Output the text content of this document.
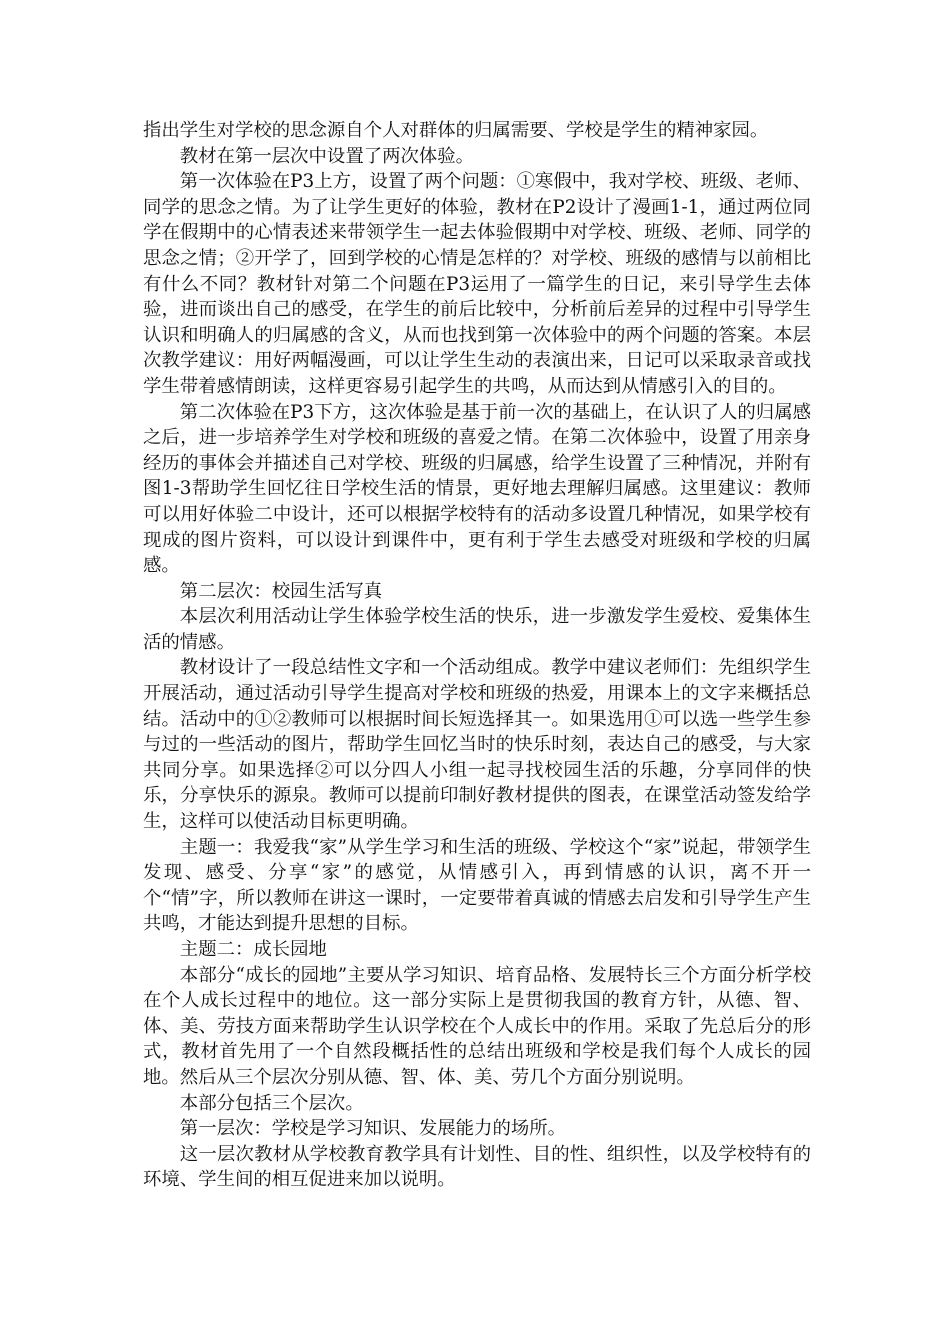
指出学生对学校的思念源自个人对群体的归属需要、学校是学生的精神家园。

教材在第一层次中设置了两次体验。

第一次体验在P3上方，设置了两个问题：①寒假中，我对学校、班级、老师、同学的思念之情。为了让学生更好的体验，教材在P2设计了漫画1-1，通过两位同学在假期中的心情表述来带领学生一起去体验假期中对学校、班级、老师、同学的思念之情；②开学了，回到学校的心情是怎样的？对学校、班级的感情与以前相比有什么不同？教材针对第二个问题在P3运用了一篇学生的日记，来引导学生去体验，进而谈出自己的感受，在学生的前后比较中，分析前后差异的过程中引导学生认识和明确人的归属感的含义，从而也找到第一次体验中的两个问题的答案。本层次教学建议：用好两幅漫画，可以让学生生动的表演出来，日记可以采取录音或找学生带着感情朗读，这样更容易引起学生的共鸣，从而达到从情感引入的目的。

第二次体验在P3下方，这次体验是基于前一次的基础上，在认识了人的归属感之后，进一步培养学生对学校和班级的喜爱之情。在第二次体验中，设置了用亲身经历的事体会并描述自己对学校、班级的归属感，给学生设置了三种情况，并附有图1-3帮助学生回忆往日学校生活的情景，更好地去理解归属感。这里建议：教师可以用好体验二中设计，还可以根据学校特有的活动多设置几种情况，如果学校有现成的图片资料，可以设计到课件中，更有利于学生去感受对班级和学校的归属感。

第二层次：校园生活写真

本层次利用活动让学生体验学校生活的快乐，进一步激发学生爱校、爱集体生活的情感。

教材设计了一段总结性文字和一个活动组成。教学中建议老师们：先组织学生开展活动，通过活动引导学生提高对学校和班级的热爱，用课本上的文字来概括总结。活动中的①②教师可以根据时间长短选择其一。如果选用①可以选一些学生参与过的一些活动的图片，帮助学生回忆当时的快乐时刻，表达自己的感受，与大家共同分享。如果选择②可以分四人小组一起寻找校园生活的乐趣，分享同伴的快乐，分享快乐的源泉。教师可以提前印制好教材提供的图表，在课堂活动签发给学生，这样可以使活动目标更明确。

主题一：我爱我“家”从学生学习和生活的班级、学校这个“家”说起，带领学生发现、感受、分享“家”的感觉，从情感引入，再到情感的认识，离不开一个“情”字，所以教师在讲这一课时，一定要带着真诚的情感去启发和引导学生产生共鸣，才能达到提升思想的目标。

主题二：成长园地

本部分“成长的园地”主要从学习知识、培育品格、发展特长三个方面分析学校在个人成长过程中的地位。这一部分实际上是贯彻我国的教育方针，从德、智、体、美、劳技方面来帮助学生认识学校在个人成长中的作用。采取了先总后分的形式，教材首先用了一个自然段概括性的总结出班级和学校是我们每个人成长的园地。然后从三个层次分别从德、智、体、美、劳几个方面分别说明。

本部分包括三个层次。

第一层次：学校是学习知识、发展能力的场所。

这一层次教材从学校教育教学具有计划性、目的性、组织性，以及学校特有的环境、学生间的相互促进来加以说明。
